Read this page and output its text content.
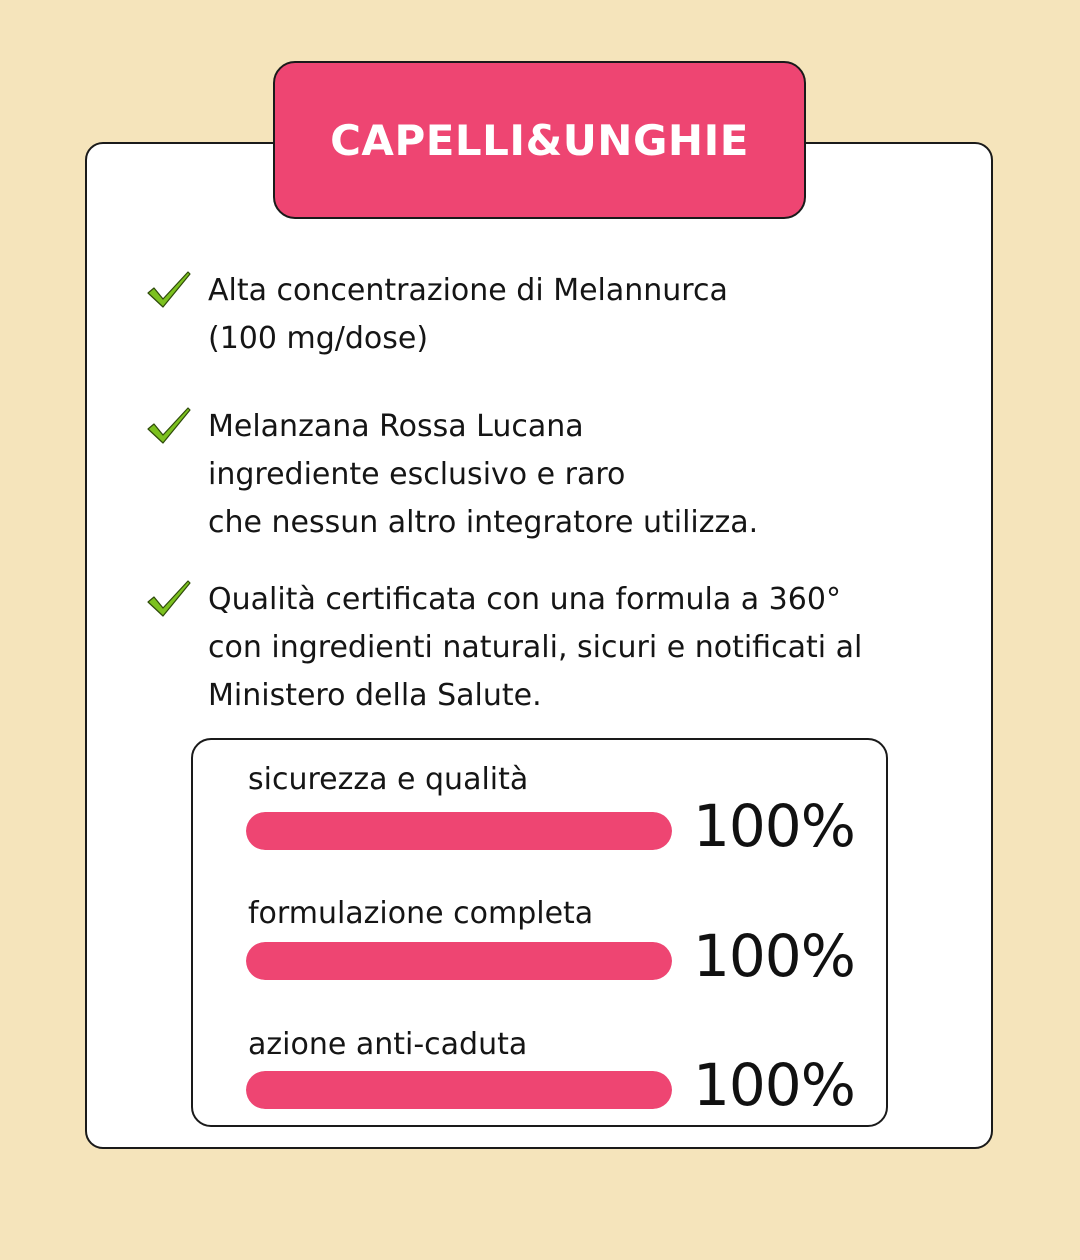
CAPELLI&UNGHIE
Alta concentrazione di Melannurca
(100 mg/dose)
Melanzana Rossa Lucana
ingrediente esclusivo e raro
che nessun altro integratore utilizza.
Qualità certificata con una formula a 360°
con ingredienti naturali, sicuri e notificati al
Ministero della Salute.
sicurezza e qualità
100%
formulazione completa
100%
azione anti-caduta
100%
